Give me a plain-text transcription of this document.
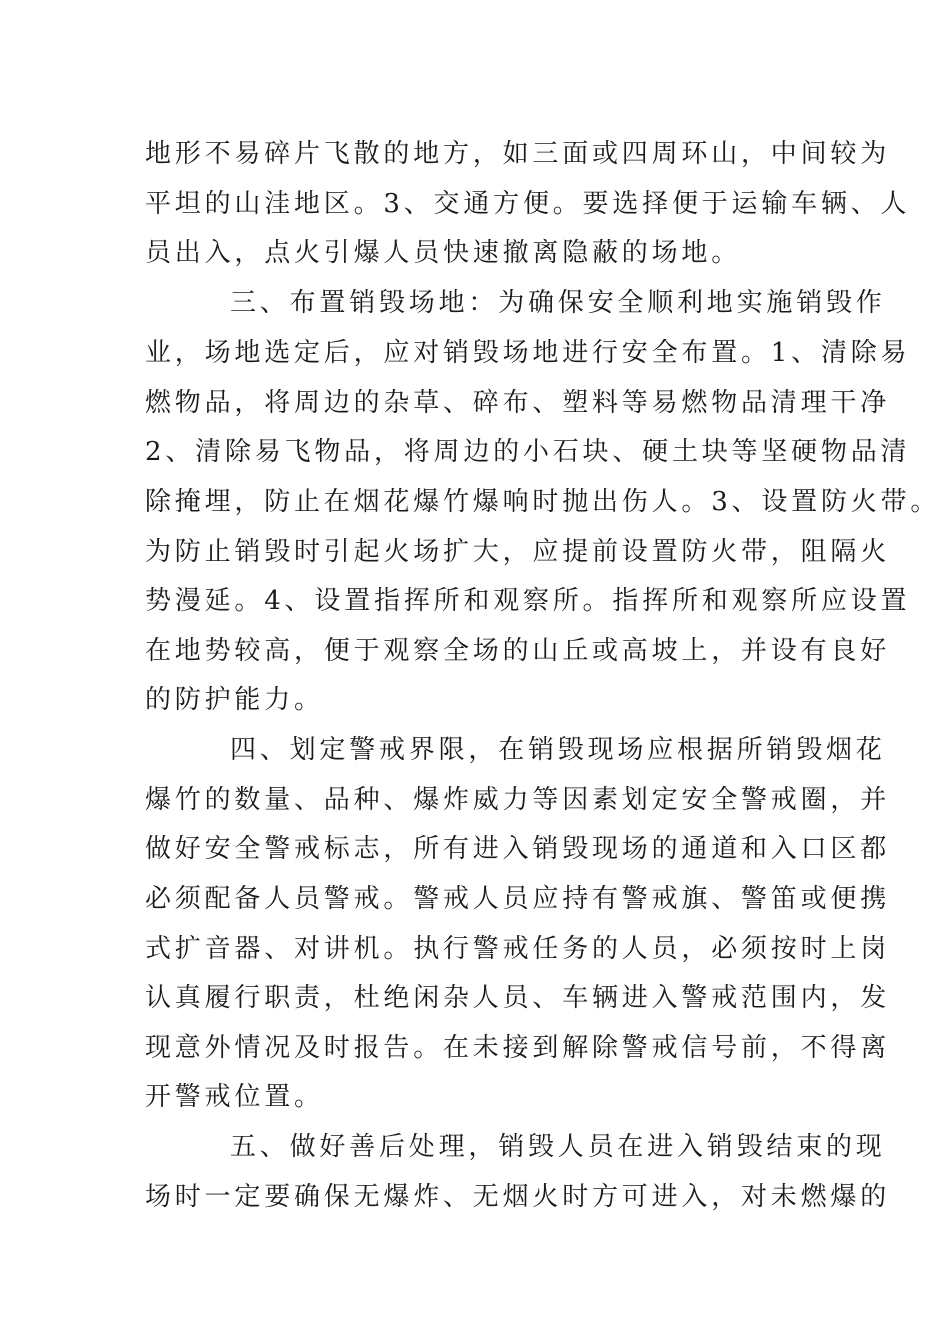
地形不易碎片飞散的地方，如三面或四周环山，中间较为
平坦的山洼地区。3、交通方便。要选择便于运输车辆、人
员出入，点火引爆人员快速撤离隐蔽的场地。
三、布置销毁场地：为确保安全顺利地实施销毁作
业，场地选定后，应对销毁场地进行安全布置。1、清除易
燃物品，将周边的杂草、碎布、塑料等易燃物品清理干净
2、清除易飞物品，将周边的小石块、硬土块等坚硬物品清
除掩埋，防止在烟花爆竹爆响时抛出伤人。3、设置防火带。
为防止销毁时引起火场扩大，应提前设置防火带，阻隔火
势漫延。4、设置指挥所和观察所。指挥所和观察所应设置
在地势较高，便于观察全场的山丘或高坡上，并设有良好
的防护能力。
四、划定警戒界限，在销毁现场应根据所销毁烟花
爆竹的数量、品种、爆炸威力等因素划定安全警戒圈，并
做好安全警戒标志，所有进入销毁现场的通道和入口区都
必须配备人员警戒。警戒人员应持有警戒旗、警笛或便携
式扩音器、对讲机。执行警戒任务的人员，必须按时上岗
认真履行职责，杜绝闲杂人员、车辆进入警戒范围内，发
现意外情况及时报告。在未接到解除警戒信号前，不得离
开警戒位置。
五、做好善后处理，销毁人员在进入销毁结束的现
场时一定要确保无爆炸、无烟火时方可进入，对未燃爆的
